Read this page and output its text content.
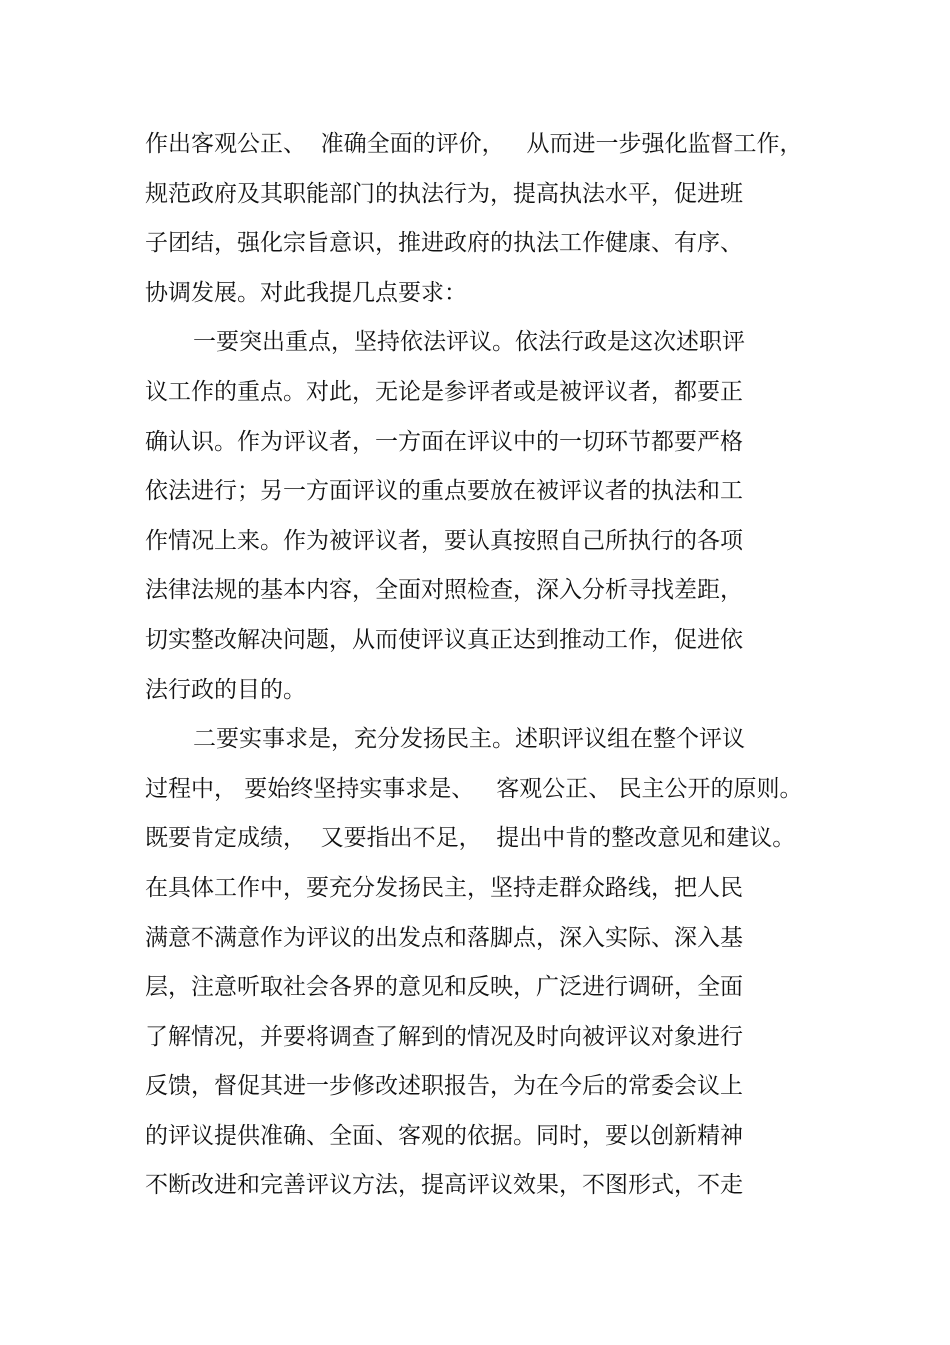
作出客观公正、  准确全面的评价，   从而进一步强化监督工作，
规范政府及其职能部门的执法行为，提高执法水平，促进班
子团结，强化宗旨意识，推进政府的执法工作健康、有序、
协调发展。对此我提几点要求：
一要突出重点，坚持依法评议。依法行政是这次述职评
议工作的重点。对此，无论是参评者或是被评议者，都要正
确认识。作为评议者，一方面在评议中的一切环节都要严格
依法进行；另一方面评议的重点要放在被评议者的执法和工
作情况上来。作为被评议者，要认真按照自己所执行的各项
法律法规的基本内容，全面对照检查，深入分析寻找差距，
切实整改解决问题，从而使评议真正达到推动工作，促进依
法行政的目的。
二要实事求是，充分发扬民主。述职评议组在整个评议
过程中， 要始终坚持实事求是、   客观公正、 民主公开的原则。
既要肯定成绩，  又要指出不足，  提出中肯的整改意见和建议。
在具体工作中，要充分发扬民主，坚持走群众路线，把人民
满意不满意作为评议的出发点和落脚点，深入实际、深入基
层，注意听取社会各界的意见和反映，广泛进行调研，全面
了解情况，并要将调查了解到的情况及时向被评议对象进行
反馈，督促其进一步修改述职报告，为在今后的常委会议上
的评议提供准确、全面、客观的依据。同时，要以创新精神
不断改进和完善评议方法，提高评议效果，不图形式，不走
